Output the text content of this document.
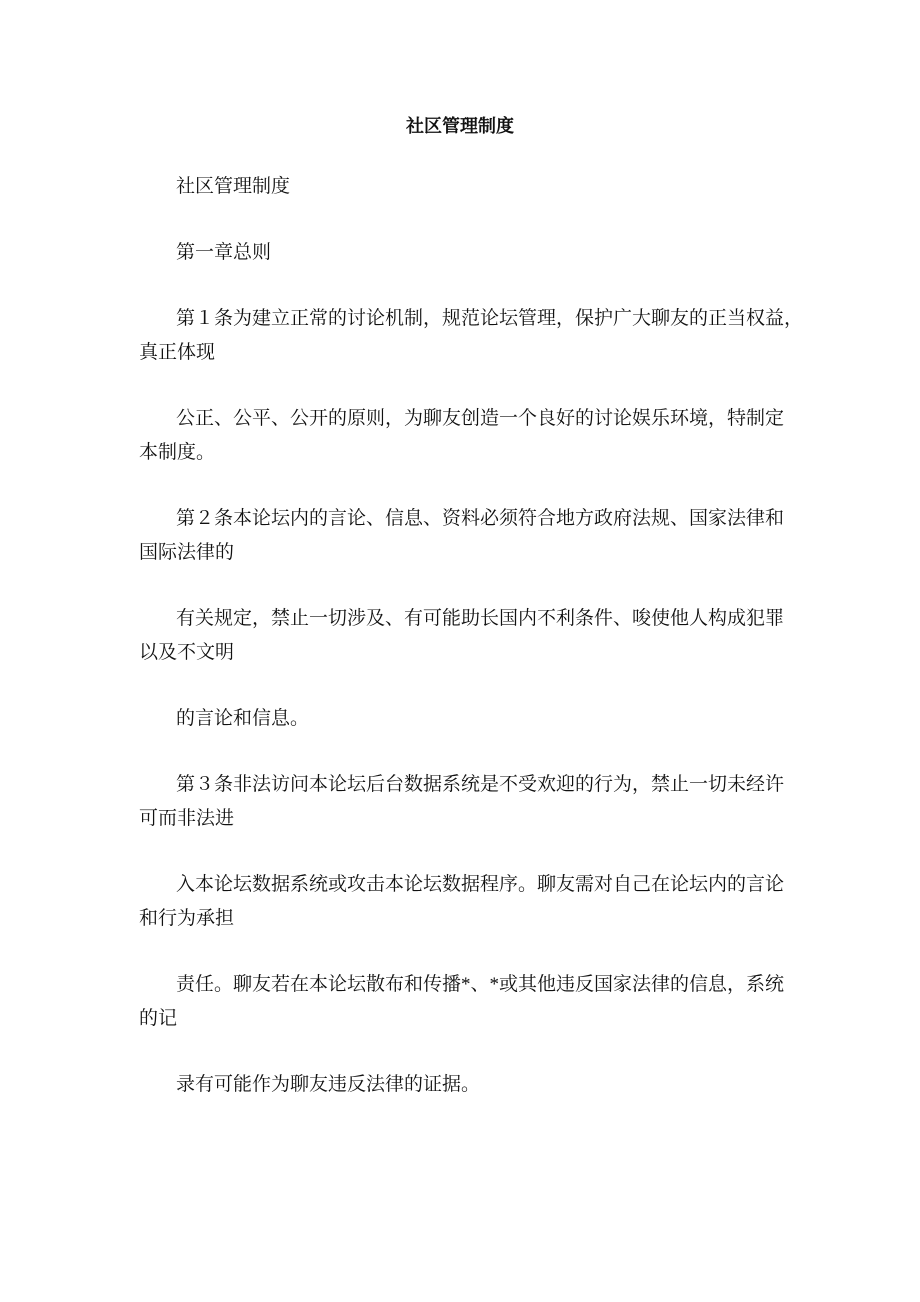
社区管理制度

社区管理制度

第一章总则

第１条为建立正常的讨论机制，规范论坛管理，保护广大聊友的正当权益，
真正体现

公正、公平、公开的原则，为聊友创造一个良好的讨论娱乐环境，特制定
本制度。

第２条本论坛内的言论、信息、资料必须符合地方政府法规、国家法律和
国际法律的

有关规定，禁止一切涉及、有可能助长国内不利条件、唆使他人构成犯罪
以及不文明

的言论和信息。

第３条非法访问本论坛后台数据系统是不受欢迎的行为，禁止一切未经许
可而非法进

入本论坛数据系统或攻击本论坛数据程序。聊友需对自己在论坛内的言论
和行为承担

责任。聊友若在本论坛散布和传播*、*或其他违反国家法律的信息，系统
的记

录有可能作为聊友违反法律的证据。
